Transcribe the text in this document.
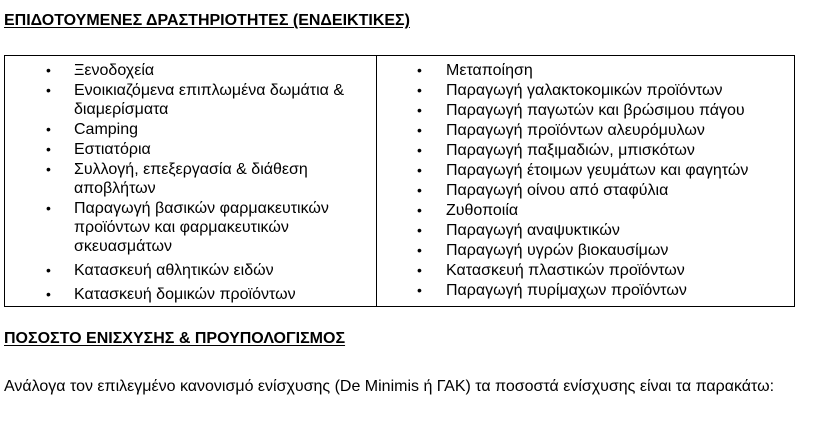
ΕΠΙΔΟΤΟΥΜΕΝΕΣ ΔΡΑΣΤΗΡΙΟΤΗΤΕΣ (ΕΝΔΕΙΚΤΙΚΕΣ)
• Ξενοδοχεία
• Ενοικιαζόμενα επιπλωμένα δωμάτια & διαμερίσματα
• Camping
• Εστιατόρια
• Συλλογή, επεξεργασία & διάθεση αποβλήτων
• Παραγωγή βασικών φαρμακευτικών προϊόντων και φαρμακευτικών σκευασμάτων
• Κατασκευή αθλητικών ειδών
• Κατασκευή δομικών προϊόντων
• Μεταποίηση
• Παραγωγή γαλακτοκομικών προϊόντων
• Παραγωγή παγωτών και βρώσιμου πάγου
• Παραγωγή προϊόντων αλευρόμυλων
• Παραγωγή παξιμαδιών, μπισκότων
• Παραγωγή έτοιμων γευμάτων και φαγητών
• Παραγωγή οίνου από σταφύλια
• Ζυθοποιία
• Παραγωγή αναψυκτικών
• Παραγωγή υγρών βιοκαυσίμων
• Κατασκευή πλαστικών προϊόντων
• Παραγωγή πυρίμαχων προϊόντων
ΠΟΣΟΣΤΟ ΕΝΙΣΧΥΣΗΣ & ΠΡΟΥΠΟΛΟΓΙΣΜΟΣ

Ανάλογα τον επιλεγμένο κανονισμό ενίσχυσης (De Minimis ή ΓΑΚ) τα ποσοστά ενίσχυσης είναι τα παρακάτω:
